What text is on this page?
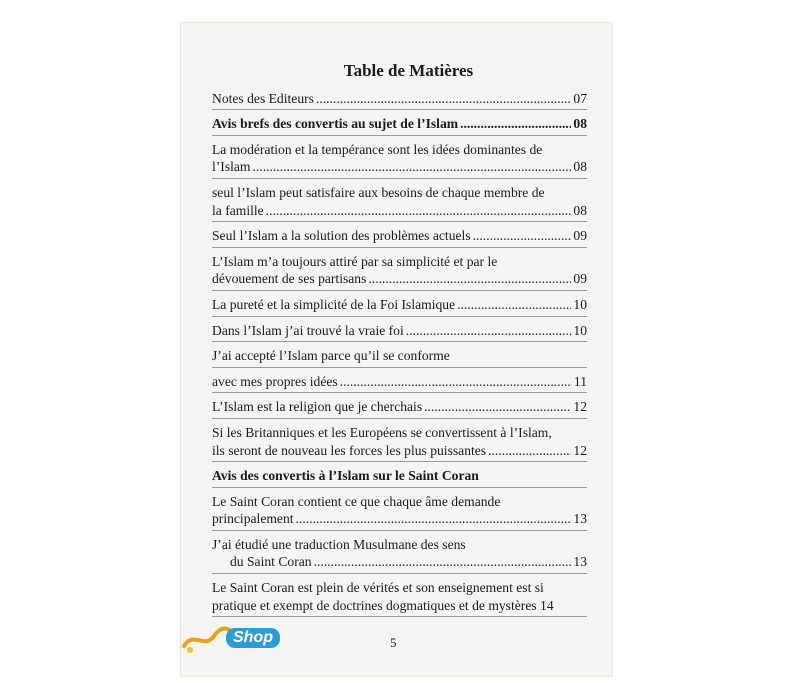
Table de Matières
Notes des Editeurs .....	07
Avis brefs des convertis au sujet de l’Islam .....	08
La modération et la tempérance sont les idées dominantes de
l’Islam .....	08
seul l’Islam peut satisfaire aux besoins de chaque membre de
la famille .....	08
Seul l’Islam a la solution des problèmes actuels .....	09
L’Islam m’a toujours attiré par sa simplicité et par le
dévouement de ses partisans .....	09
La pureté et la simplicité de la Foi Islamique .....	10
Dans l’Islam j’ai trouvé la vraie foi .....	10
J’ai accepté l’Islam parce qu’il se conforme
avec mes propres idées .....	11
L’Islam est la religion que je cherchais .....	12
Si les Britanniques et les Européens se convertissent à l’Islam,
ils seront de nouveau les forces les plus puissantes .....	12
Avis des convertis à l’Islam sur le Saint Coran
Le Saint Coran contient ce que chaque âme demande
principalement .....	13
J’ai étudié une traduction Musulmane des sens
du Saint Coran .....	13
Le Saint Coran est plein de vérités et son enseignement est si
pratique et exempt de doctrines dogmatiques et de mystères 14
5
Shop
